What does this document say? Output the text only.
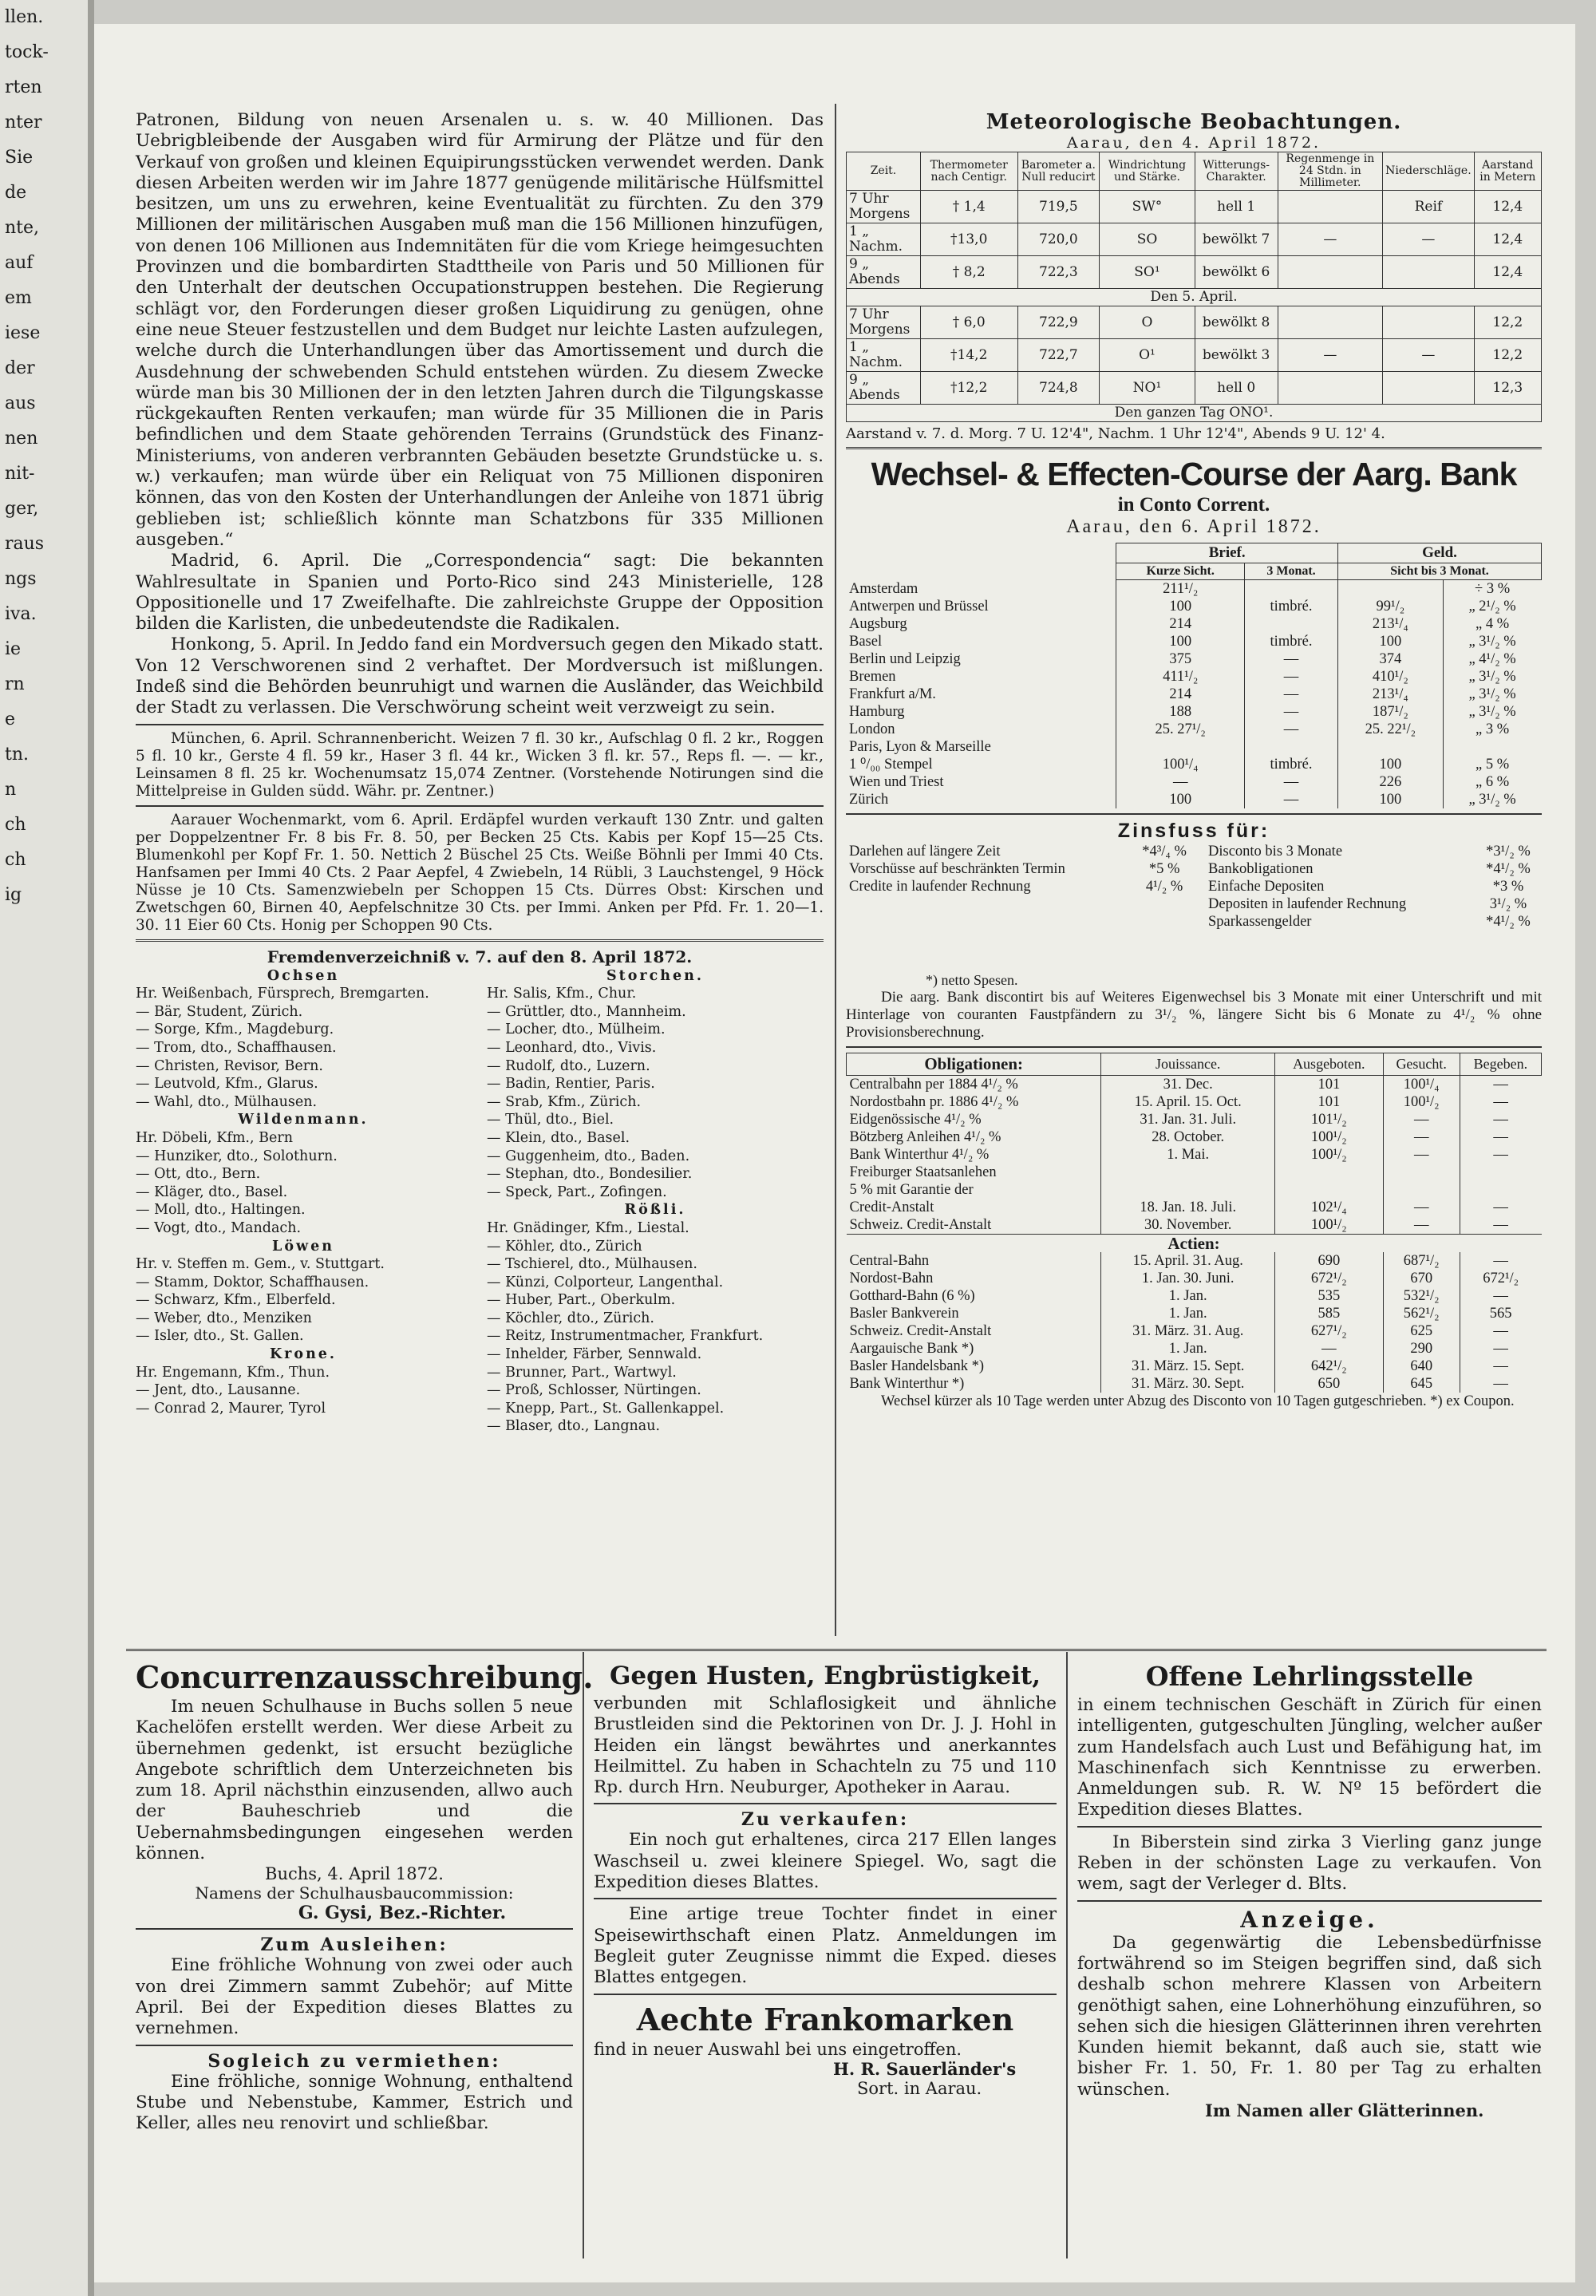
llen.
tock-
rten
nter
Sie
de
nte,
auf
em
iese
der
aus
nen
nit-
ger,
raus
ngs
iva.
ie
rn
e
tn.
n
ch
ch
ig

Patronen, Bildung von neuen Arsenalen u. s. w. 40 Millionen. Das Uebrigbleibende der Ausgaben wird für Armirung der Plätze und für den Verkauf von großen und kleinen Equipirungsstücken verwendet werden. Dank diesen Arbeiten werden wir im Jahre 1877 genügende militärische Hülfsmittel besitzen, um uns zu erwehren, keine Eventualität zu fürchten. Zu den 379 Millionen der militärischen Ausgaben muß man die 156 Millionen hinzufügen, von denen 106 Millionen aus Indemnitäten für die vom Kriege heimgesuchten Provinzen und die bombardirten Stadttheile von Paris und 50 Millionen für den Unterhalt der deutschen Occupationstruppen bestehen. Die Regierung schlägt vor, den Forderungen dieser großen Liquidirung zu genügen, ohne eine neue Steuer festzustellen und dem Budget nur leichte Lasten aufzulegen, welche durch die Unterhandlungen über das Amortissement und durch die Ausdehnung der schwebenden Schuld entstehen würden. Zu diesem Zwecke würde man bis 30 Millionen der in den letzten Jahren durch die Tilgungskasse rückgekauften Renten verkaufen; man würde für 35 Millionen die in Paris befindlichen und dem Staate gehörenden Terrains (Grundstück des Finanz-Ministeriums, von anderen verbrannten Gebäuden besetzte Grundstücke u. s. w.) verkaufen; man würde über ein Reliquat von 75 Millionen disponiren können, das von den Kosten der Unterhandlungen der Anleihe von 1871 übrig geblieben ist; schließlich könnte man Schatzbons für 335 Millionen ausgeben.“

Madrid, 6. April. Die „Correspondencia“ sagt: Die bekannten Wahlresultate in Spanien und Porto-Rico sind 243 Ministerielle, 128 Oppositionelle und 17 Zweifelhafte. Die zahlreichste Gruppe der Opposition bilden die Karlisten, die unbedeutendste die Radikalen.

Honkong, 5. April. In Jeddo fand ein Mordversuch gegen den Mikado statt. Von 12 Verschworenen sind 2 verhaftet. Der Mordversuch ist mißlungen. Indeß sind die Behörden beunruhigt und warnen die Ausländer, das Weichbild der Stadt zu verlassen. Die Verschwörung scheint weit verzweigt zu sein.

München, 6. April. Schrannenbericht. Weizen 7 fl. 30 kr., Aufschlag 0 fl. 2 kr., Roggen 5 fl. 10 kr., Gerste 4 fl. 59 kr., Haser 3 fl. 44 kr., Wicken 3 fl. kr. 57., Reps fl. —. — kr., Leinsamen 8 fl. 25 kr. Wochenumsatz 15,074 Zentner. (Vorstehende Notirungen sind die Mittelpreise in Gulden südd. Währ. pr. Zentner.)

Aarauer Wochenmarkt, vom 6. April. Erdäpfel wurden verkauft 130 Zntr. und galten per Doppelzentner Fr. 8 bis Fr. 8. 50, per Becken 25 Cts. Kabis per Kopf 15—25 Cts. Blumenkohl per Kopf Fr. 1. 50. Nettich 2 Büschel 25 Cts. Weiße Böhnli per Immi 40 Cts. Hanfsamen per Immi 40 Cts. 2 Paar Aepfel, 4 Zwiebeln, 14 Rübli, 3 Lauchstengel, 9 Höck Nüsse je 10 Cts. Samenzwiebeln per Schoppen 15 Cts. Dürres Obst: Kirschen und Zwetschgen 60, Birnen 40, Aepfelschnitze 30 Cts. per Immi. Anken per Pfd. Fr. 1. 20—1. 30. 11 Eier 60 Cts. Honig per Schoppen 90 Cts.

Fremdenverzeichniß v. 7. auf den 8. April 1872.
Ochsen
Hr. Weißenbach, Fürsprech, Bremgarten.
— Bär, Student, Zürich.
— Sorge, Kfm., Magdeburg.
— Trom, dto., Schaffhausen.
— Christen, Revisor, Bern.
— Leutvold, Kfm., Glarus.
— Wahl, dto., Mülhausen.
Wildenmann.
Hr. Döbeli, Kfm., Bern
— Hunziker, dto., Solothurn.
— Ott, dto., Bern.
— Kläger, dto., Basel.
— Moll, dto., Haltingen.
— Vogt, dto., Mandach.
Löwen
Hr. v. Steffen m. Gem., v. Stuttgart.
— Stamm, Doktor, Schaffhausen.
— Schwarz, Kfm., Elberfeld.
— Weber, dto., Menziken
— Isler, dto., St. Gallen.
Krone.
Hr. Engemann, Kfm., Thun.
— Jent, dto., Lausanne.
— Conrad 2, Maurer, Tyrol
Storchen.
Hr. Salis, Kfm., Chur.
— Grüttler, dto., Mannheim.
— Locher, dto., Mülheim.
— Leonhard, dto., Vivis.
— Rudolf, dto., Luzern.
— Badin, Rentier, Paris.
— Srab, Kfm., Zürich.
— Thül, dto., Biel.
— Klein, dto., Basel.
— Guggenheim, dto., Baden.
— Stephan, dto., Bondesilier.
— Speck, Part., Zofingen.
Rößli.
Hr. Gnädinger, Kfm., Liestal.
— Köhler, dto., Zürich
— Tschierel, dto., Mülhausen.
— Künzi, Colporteur, Langenthal.
— Huber, Part., Oberkulm.
— Köchler, dto., Zürich.
— Reitz, Instrumentmacher, Frankfurt.
— Inhelder, Färber, Sennwald.
— Brunner, Part., Wartwyl.
— Proß, Schlosser, Nürtingen.
— Knepp, Part., St. Gallenkappel.
— Blaser, dto., Langnau.
Meteorologische Beobachtungen.
Aarau, den 4. April 1872.
Zeit.	Thermometer nach Centigr.	Barometer a. Null reducirt	Windrichtung und Stärke.	Witterungs-Charakter.	Regenmenge in 24 Stdn. in Millimeter.	Niederschläge.	Aarstand in Metern
7 Uhr Morgens	† 1,4	719,5	SW°	hell 1		Reif	12,4
1 „ Nachm.	†13,0	720,0	SO	bewölkt 7	—	—	12,4
9 „ Abends	† 8,2	722,3	SO¹	bewölkt 6			12,4
Den 5. April.							
7 Uhr Morgens	† 6,0	722,9	O	bewölkt 8			12,2
1 „ Nachm.	†14,2	722,7	O¹	bewölkt 3	—	—	12,2
9 „ Abends	†12,2	724,8	NO¹	hell 0			12,3
Den ganzen Tag ONO¹.							
Aarstand v. 7. d. Morg. 7 U. 12'4", Nachm. 1 Uhr 12'4", Abends 9 U. 12' 4.
Wechsel- & Effecten-Course der Aarg. Bank
in Conto Corrent.
Aarau, den 6. April 1872.
	Brief.		Geld.	
	Kurze Sicht.	3 Monat.	Sicht bis 3 Monat.	
Amsterdam	211¹/₂			÷ 3 %
Antwerpen und Brüssel	100	timbré.	99¹/₂	„ 2¹/₂ %
Augsburg	214		213¹/₄	„ 4 %
Basel	100	timbré.	100	„ 3¹/₂ %
Berlin und Leipzig	375	—	374	„ 4¹/₂ %
Bremen	411¹/₂	—	410¹/₂	„ 3¹/₂ %
Frankfurt a/M.	214	—	213¹/₄	„ 3¹/₂ %
Hamburg	188	—	187¹/₂	„ 3¹/₂ %
London	25. 27¹/₂	—	25. 22¹/₂	„ 3 %
Paris, Lyon & Marseille				
1 ⁰/₀₀ Stempel	100¹/₄	timbré.	100	„ 5 %
Wien und Triest	—	—	226	„ 6 %
Zürich	100	—	100	„ 3¹/₂ %
Zinsfuss für:
Darlehen auf längere Zeit	*4³/₄ %
Vorschüsse auf beschränkten Termin	*5 %
Credite in laufender Rechnung	4¹/₂ %
Disconto bis 3 Monate	*3¹/₂ %
Bankobligationen	*4¹/₂ %
Einfache Depositen	*3 %
Depositen in laufender Rechnung	3¹/₂ %
Sparkassengelder	*4¹/₂ %
*) netto Spesen.

Die aarg. Bank discontirt bis auf Weiteres Eigenwechsel bis 3 Monate mit einer Unterschrift und mit Hinterlage von couranten Faustpfändern zu 3¹/₂ %, längere Sicht bis 6 Monate zu 4¹/₂ % ohne Provisionsberechnung.

Obligationen:	Jouissance.	Ausgeboten.	Gesucht.	Begeben.
Centralbahn per 1884 4¹/₂ %	31. Dec.	101	100¹/₄	—
Nordostbahn pr. 1886 4¹/₂ %	15. April. 15. Oct.	101	100¹/₂	—
Eidgenössische 4¹/₂ %	31. Jan. 31. Juli.	101¹/₂	—	—
Bötzberg Anleihen 4¹/₂ %	28. October.	100¹/₂	—	—
Bank Winterthur 4¹/₂ %	1. Mai.	100¹/₂	—	—
Freiburger Staatsanlehen				
5 % mit Garantie der				
Credit-Anstalt	18. Jan. 18. Juli.	102¹/₄	—	—
Schweiz. Credit-Anstalt	30. November.	100¹/₂	—	—
Actien:				
Central-Bahn	15. April. 31. Aug.	690	687¹/₂	—
Nordost-Bahn	1. Jan. 30. Juni.	672¹/₂	670	672¹/₂
Gotthard-Bahn (6 %)	1. Jan.	535	532¹/₂	—
Basler Bankverein	1. Jan.	585	562¹/₂	565
Schweiz. Credit-Anstalt	31. März. 31. Aug.	627¹/₂	625	—
Aargauische Bank *)	1. Jan.	—	290	—
Basler Handelsbank *)	31. März. 15. Sept.	642¹/₂	640	—
Bank Winterthur *)	31. März. 30. Sept.	650	645	—

Wechsel kürzer als 10 Tage werden unter Abzug des Disconto von 10 Tagen gutgeschrieben. *) ex Coupon.

Concurrenzausschreibung.

Im neuen Schulhause in Buchs sollen 5 neue Kachelöfen erstellt werden. Wer diese Arbeit zu übernehmen gedenkt, ist ersucht bezügliche Angebote schriftlich dem Unterzeichneten bis zum 18. April nächsthin einzusenden, allwo auch der Bauheschrieb und die Uebernahmsbedingungen eingesehen werden können.

Buchs, 4. April 1872.
Namens der Schulhausbaucommission:
G. Gysi, Bez.-Richter.
Zum Ausleihen:

Eine fröhliche Wohnung von zwei oder auch von drei Zimmern sammt Zubehör; auf Mitte April. Bei der Expedition dieses Blattes zu vernehmen.

Sogleich zu vermiethen:

Eine fröhliche, sonnige Wohnung, enthaltend Stube und Nebenstube, Kammer, Estrich und Keller, alles neu renovirt und schließbar.

Gegen Husten, Engbrüstigkeit,

verbunden mit Schlaflosigkeit und ähnliche Brustleiden sind die Pektorinen von Dr. J. J. Hohl in Heiden ein längst bewährtes und anerkanntes Heilmittel. Zu haben in Schachteln zu 75 und 110 Rp. durch Hrn. Neuburger, Apotheker in Aarau.

Zu verkaufen:

Ein noch gut erhaltenes, circa 217 Ellen langes Waschseil u. zwei kleinere Spiegel. Wo, sagt die Expedition dieses Blattes.

Eine artige treue Tochter findet in einer Speisewirthschaft einen Platz. Anmeldungen im Begleit guter Zeugnisse nimmt die Exped. dieses Blattes entgegen.

Aechte Frankomarken
find in neuer Auswahl bei uns eingetroffen.
H. R. Sauerländer's
Sort. in Aarau.
Offene Lehrlingsstelle

in einem technischen Geschäft in Zürich für einen intelligenten, gutgeschulten Jüngling, welcher außer zum Handelsfach auch Lust und Befähigung hat, im Maschinenfach sich Kenntnisse zu erwerben. Anmeldungen sub. R. W. Nº 15 befördert die Expedition dieses Blattes.

In Biberstein sind zirka 3 Vierling ganz junge Reben in der schönsten Lage zu verkaufen. Von wem, sagt der Verleger d. Blts.

Anzeige.

Da gegenwärtig die Lebensbedürfnisse fortwährend so im Steigen begriffen sind, daß sich deshalb schon mehrere Klassen von Arbeitern genöthigt sahen, eine Lohnerhöhung einzuführen, so sehen sich die hiesigen Glätterinnen ihren verehrten Kunden hiemit bekannt, daß auch sie, statt wie bisher Fr. 1. 50, Fr. 1. 80 per Tag zu erhalten wünschen.

Im Namen aller Glätterinnen.
